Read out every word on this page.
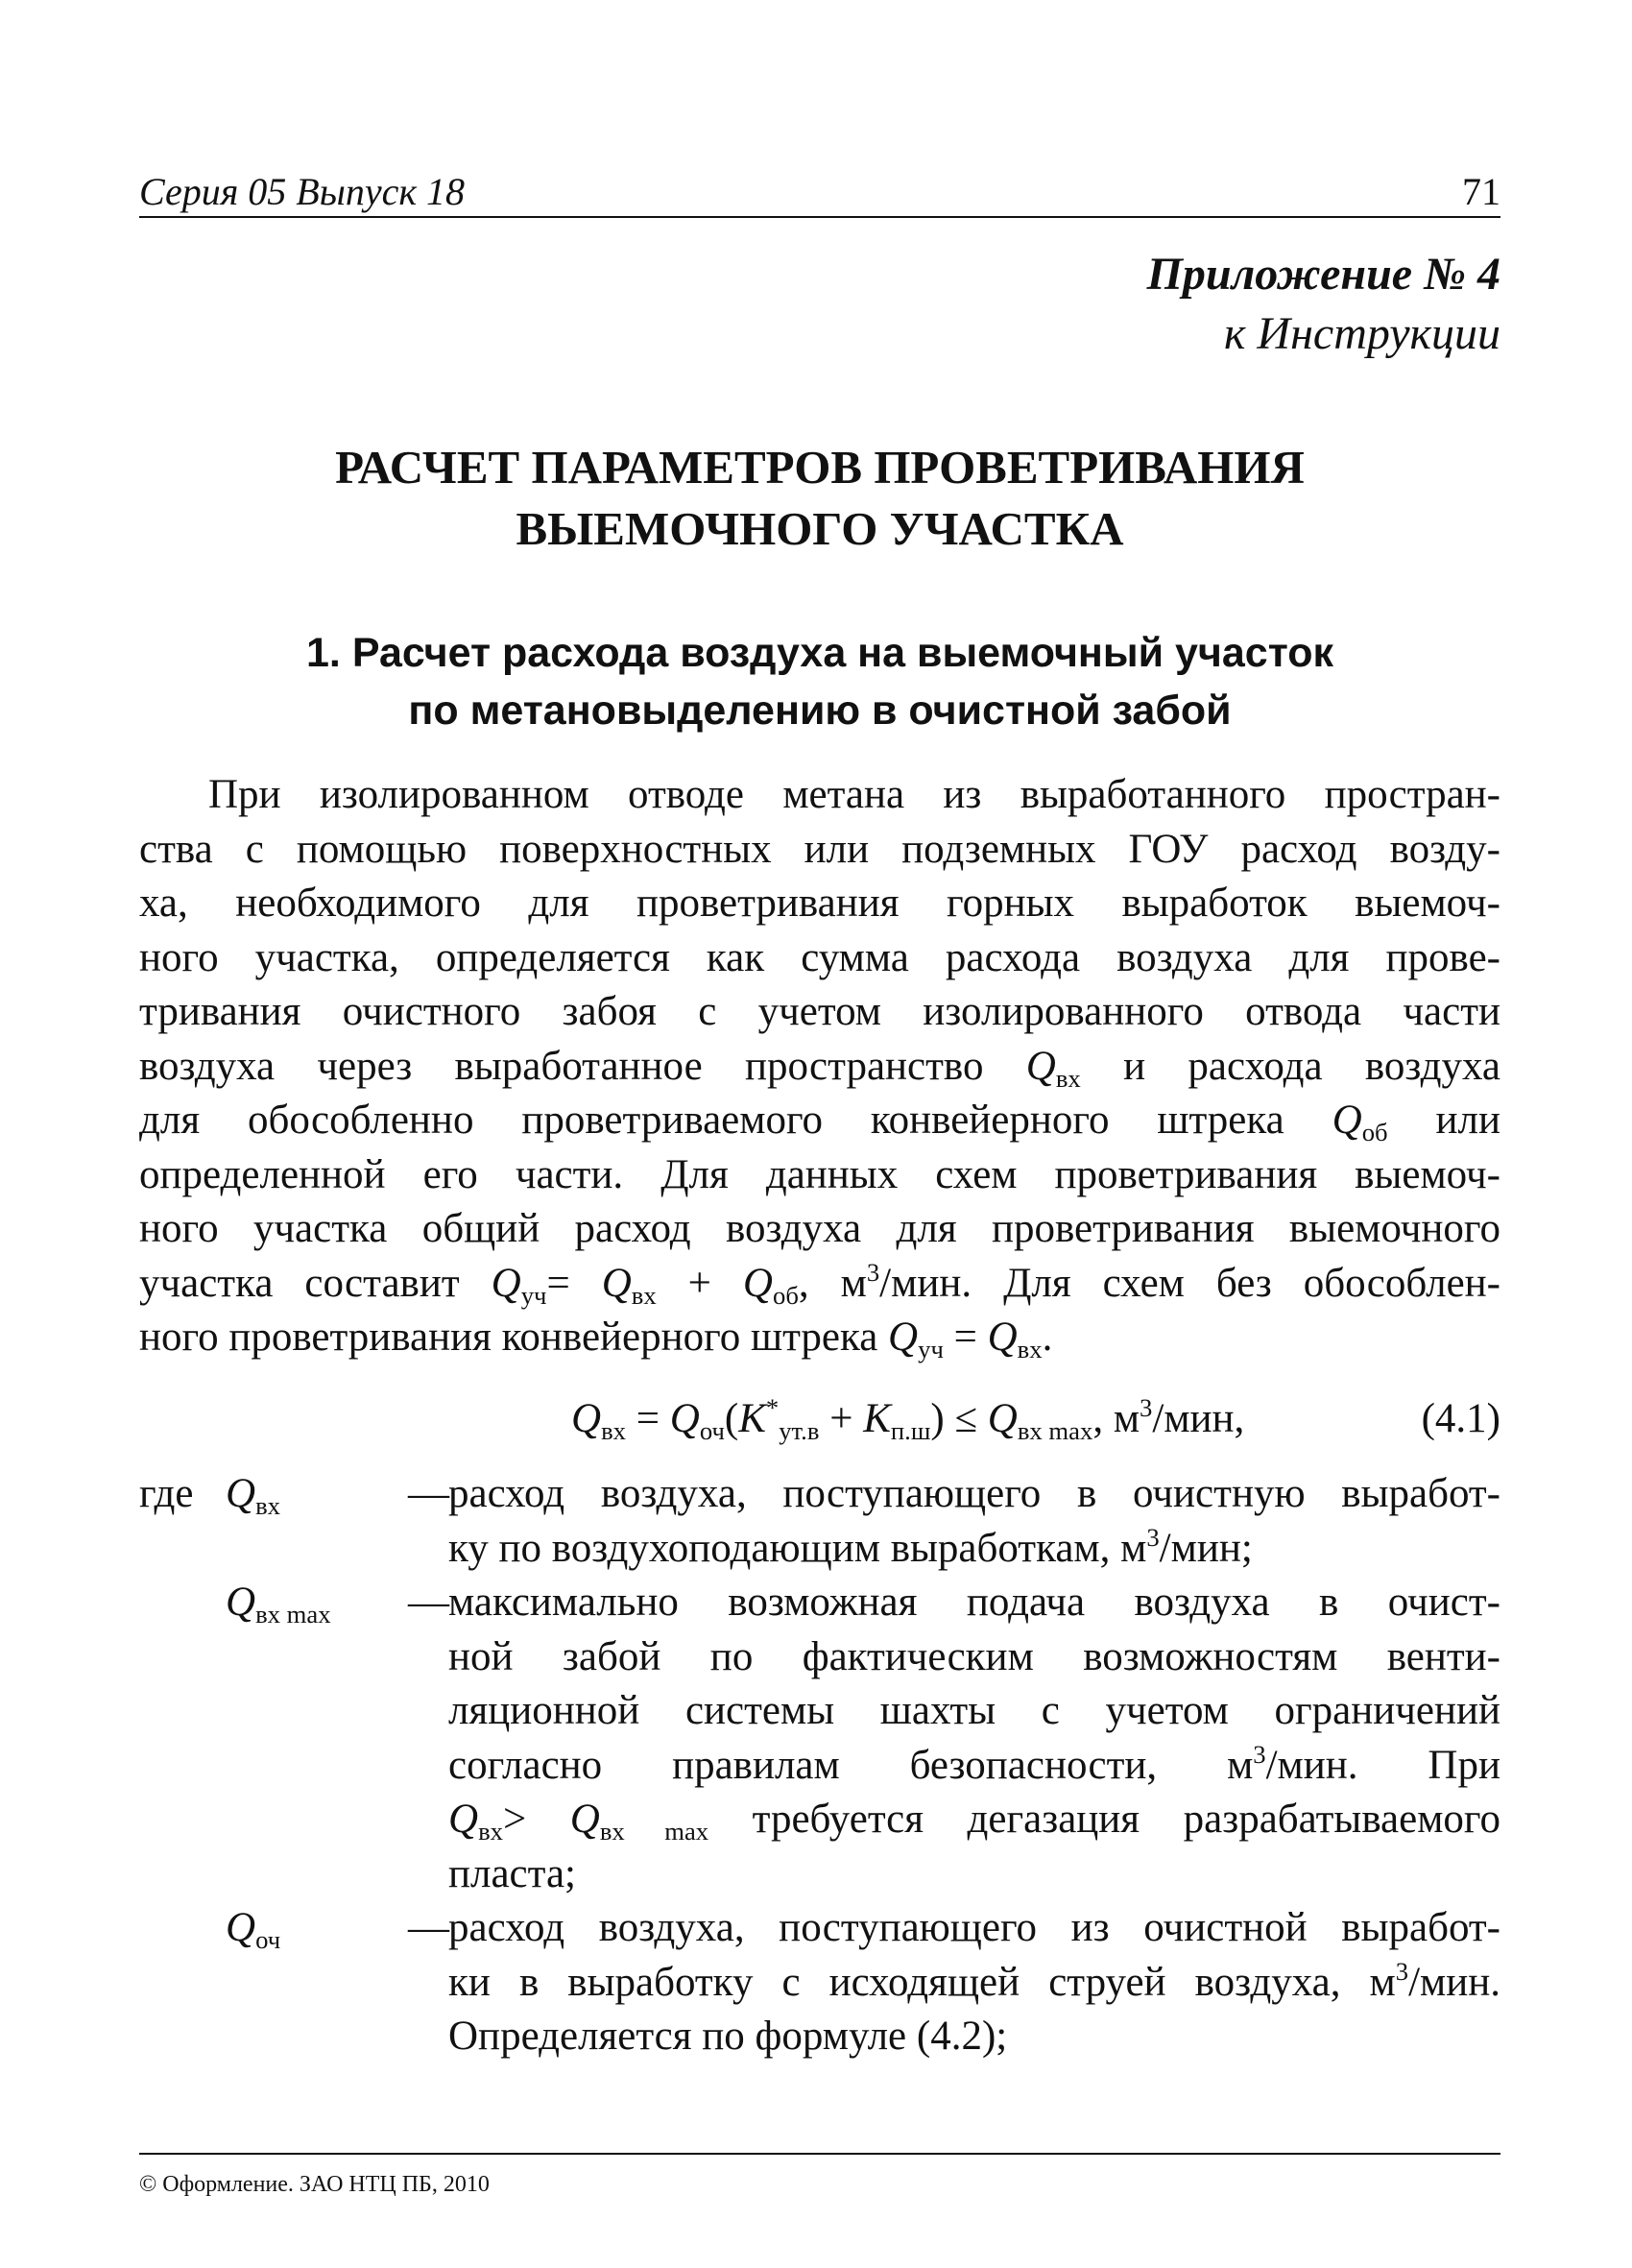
Серия 05 Выпуск 18	71
Приложение № 4
к Инструкции
РАСЧЕТ ПАРАМЕТРОВ ПРОВЕТРИВАНИЯ
ВЫЕМОЧНОГО УЧАСТКА
1. Расчет расхода воздуха на выемочный участок
по метановыделению в очистной забой
При изолированном отводе метана из выработанного простран-
ства с помощью поверхностных или подземных ГОУ расход возду-
ха, необходимого для проветривания горных выработок выемоч-
ного участка, определяется как сумма расхода воздуха для прове-
тривания очистного забоя с учетом изолированного отвода части
воздуха через выработанное пространство $Q_{вх}$ и расхода воздуха
для обособленно проветриваемого конвейерного штрека $Q_{об}$ или
определенной его части. Для данных схем проветривания выемоч-
ного участка общий расход воздуха для проветривания выемочного
участка составит $Q_{уч}= Q_{вх} + Q_{об}$, $м^3$/мин. Для схем без обособлен-
ного проветривания конвейерного штрека $Q_{уч} = Q_{вх}$.
$Q_{вх} = Q_{оч}(K^*_{ут.в} + K_{п.ш}) \le Q_{вх max}$, $м^3$/мин,	(4.1)
где $Q_{вх}$	— расход воздуха, поступающего в очистную выработ-
ку по воздухоподающим выработкам, $м^3$/мин;
$Q_{вх max}$ — максимально возможная подача воздуха в очист-
ной забой по фактическим возможностям венти-
ляционной системы шахты с учетом ограничений
согласно правилам безопасности, $м^3$/мин. При
$Q_{вх}> Q_{вх max}$ требуется дегазация разрабатываемого
пласта;
$Q_{оч}$	— расход воздуха, поступающего из очистной выработ-
ки в выработку с исходящей струей воздуха, $м^3$/мин.
Определяется по формуле (4.2);
© Оформление. ЗАО НТЦ ПБ, 2010
